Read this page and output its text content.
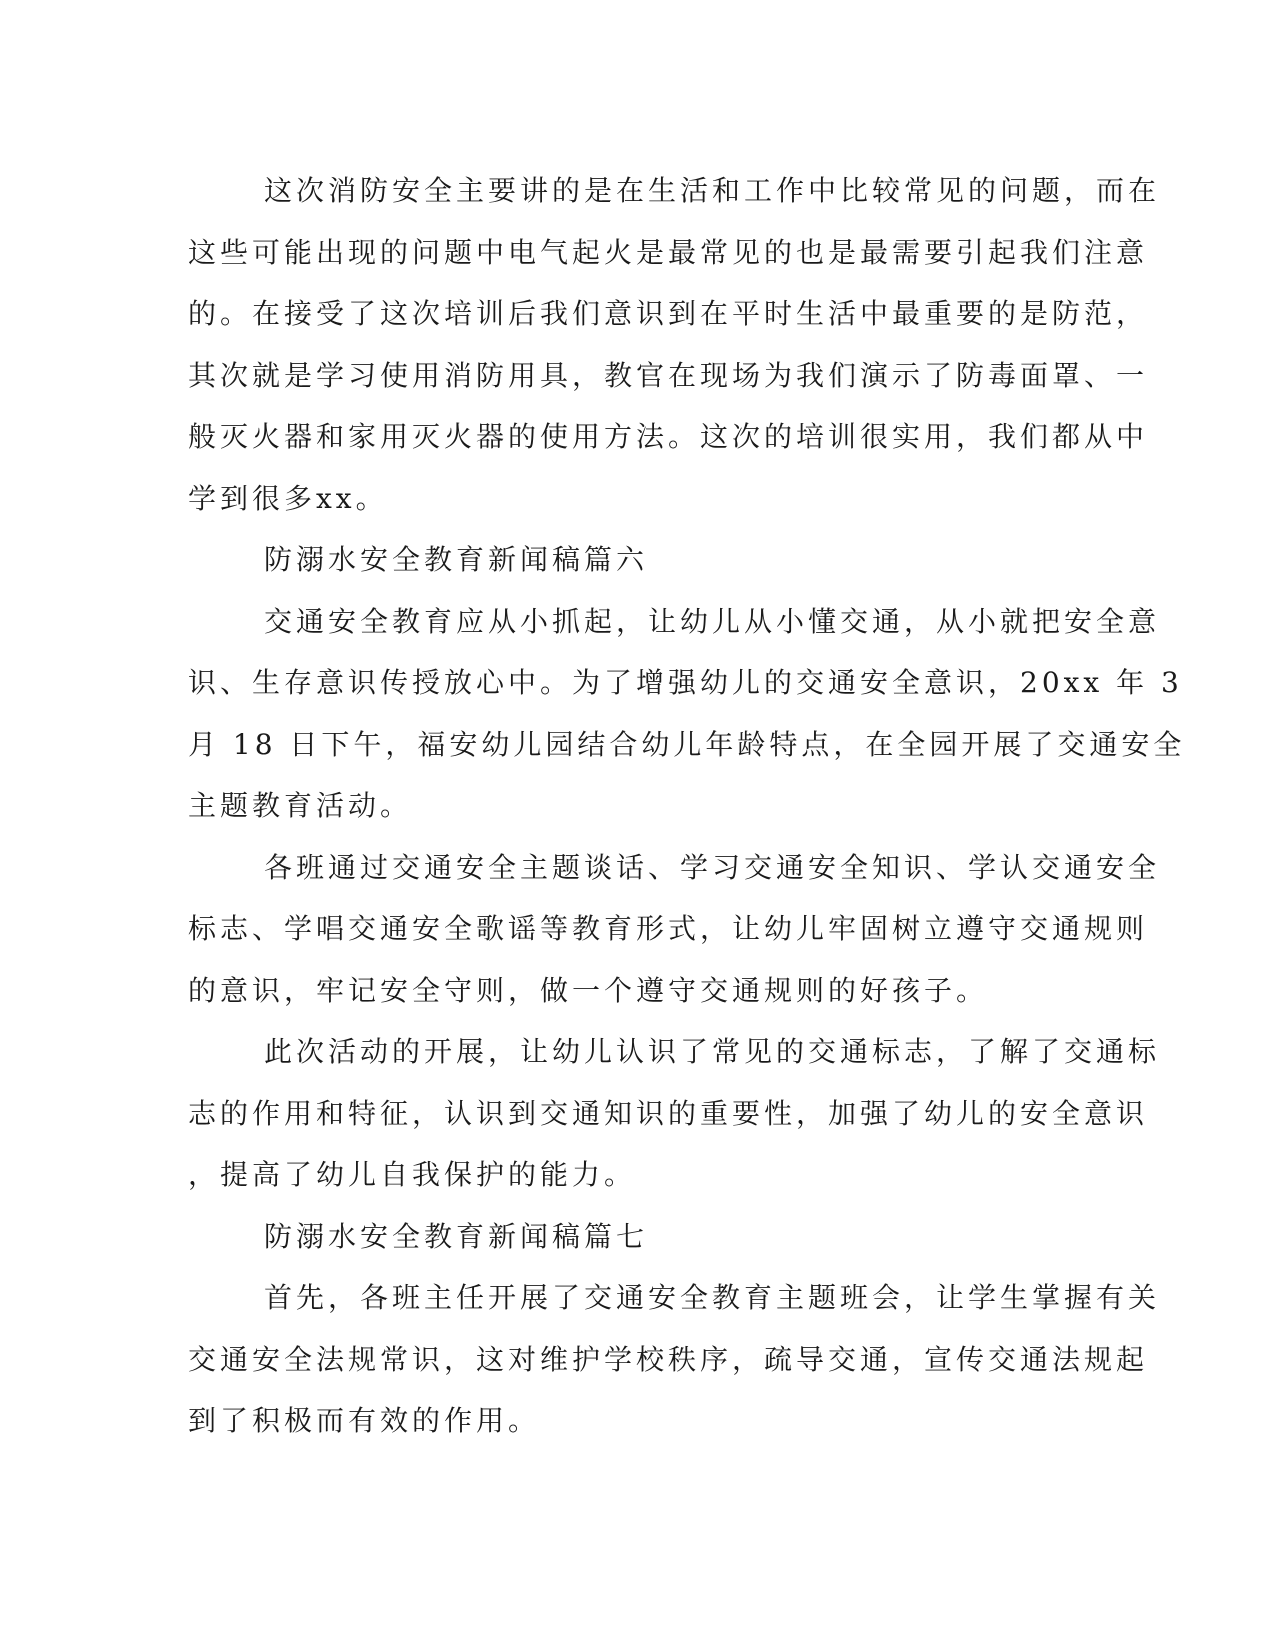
这次消防安全主要讲的是在生活和工作中比较常见的问题，而在
这些可能出现的问题中电气起火是最常见的也是最需要引起我们注意
的。在接受了这次培训后我们意识到在平时生活中最重要的是防范，
其次就是学习使用消防用具，教官在现场为我们演示了防毒面罩、一
般灭火器和家用灭火器的使用方法。这次的培训很实用，我们都从中
学到很多xx。
防溺水安全教育新闻稿篇六
交通安全教育应从小抓起，让幼儿从小懂交通，从小就把安全意
识、生存意识传授放心中。为了增强幼儿的交通安全意识，20xx 年 3
月 18 日下午，福安幼儿园结合幼儿年龄特点，在全园开展了交通安全
主题教育活动。
各班通过交通安全主题谈话、学习交通安全知识、学认交通安全
标志、学唱交通安全歌谣等教育形式，让幼儿牢固树立遵守交通规则
的意识，牢记安全守则，做一个遵守交通规则的好孩子。
此次活动的开展，让幼儿认识了常见的交通标志，了解了交通标
志的作用和特征，认识到交通知识的重要性，加强了幼儿的安全意识
，提高了幼儿自我保护的能力。
防溺水安全教育新闻稿篇七
首先，各班主任开展了交通安全教育主题班会，让学生掌握有关
交通安全法规常识，这对维护学校秩序，疏导交通，宣传交通法规起
到了积极而有效的作用。
